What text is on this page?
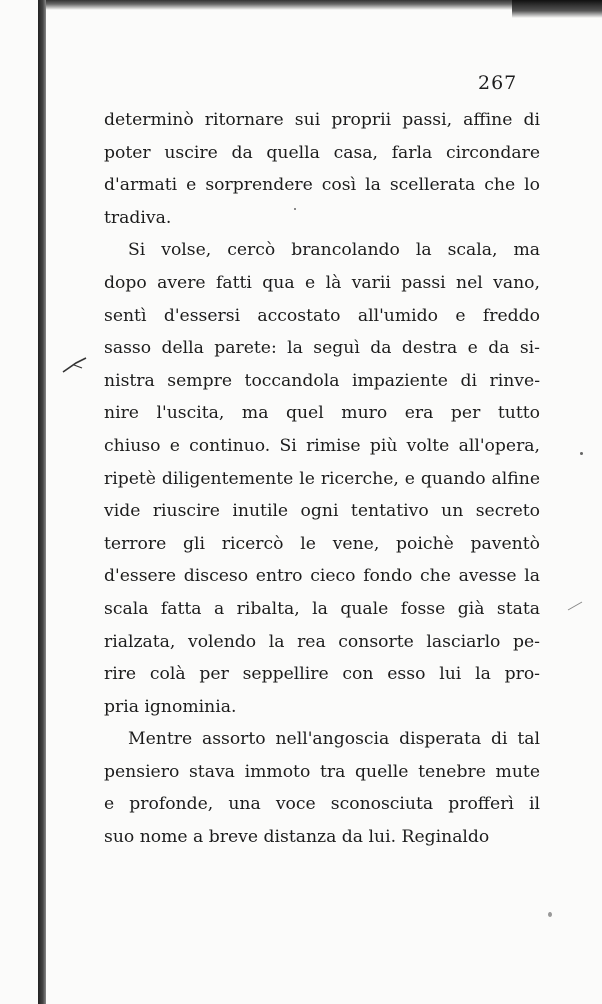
267

determinò ritornare sui proprii passi, affine di
poter uscire da quella casa, farla circondare
d'armati e sorprendere così la scellerata che lo
tradiva.
Si volse, cercò brancolando la scala, ma
dopo avere fatti qua e là varii passi nel vano,
sentì d'essersi accostato all'umido e freddo
sasso della parete: la seguì da destra e da si-
nistra sempre toccandola impaziente di rinve-
nire l'uscita, ma quel muro era per tutto
chiuso e continuo. Si rimise più volte all'opera,
ripetè diligentemente le ricerche, e quando alfine
vide riuscire inutile ogni tentativo un secreto
terrore gli ricercò le vene, poichè paventò
d'essere disceso entro cieco fondo che avesse la
scala fatta a ribalta, la quale fosse già stata
rialzata, volendo la rea consorte lasciarlo pe-
rire colà per seppellire con esso lui la pro-
pria ignominia.
Mentre assorto nell'angoscia disperata di tal
pensiero stava immoto tra quelle tenebre mute
e profonde, una voce sconosciuta profferì il
suo nome a breve distanza da lui. Reginaldo
